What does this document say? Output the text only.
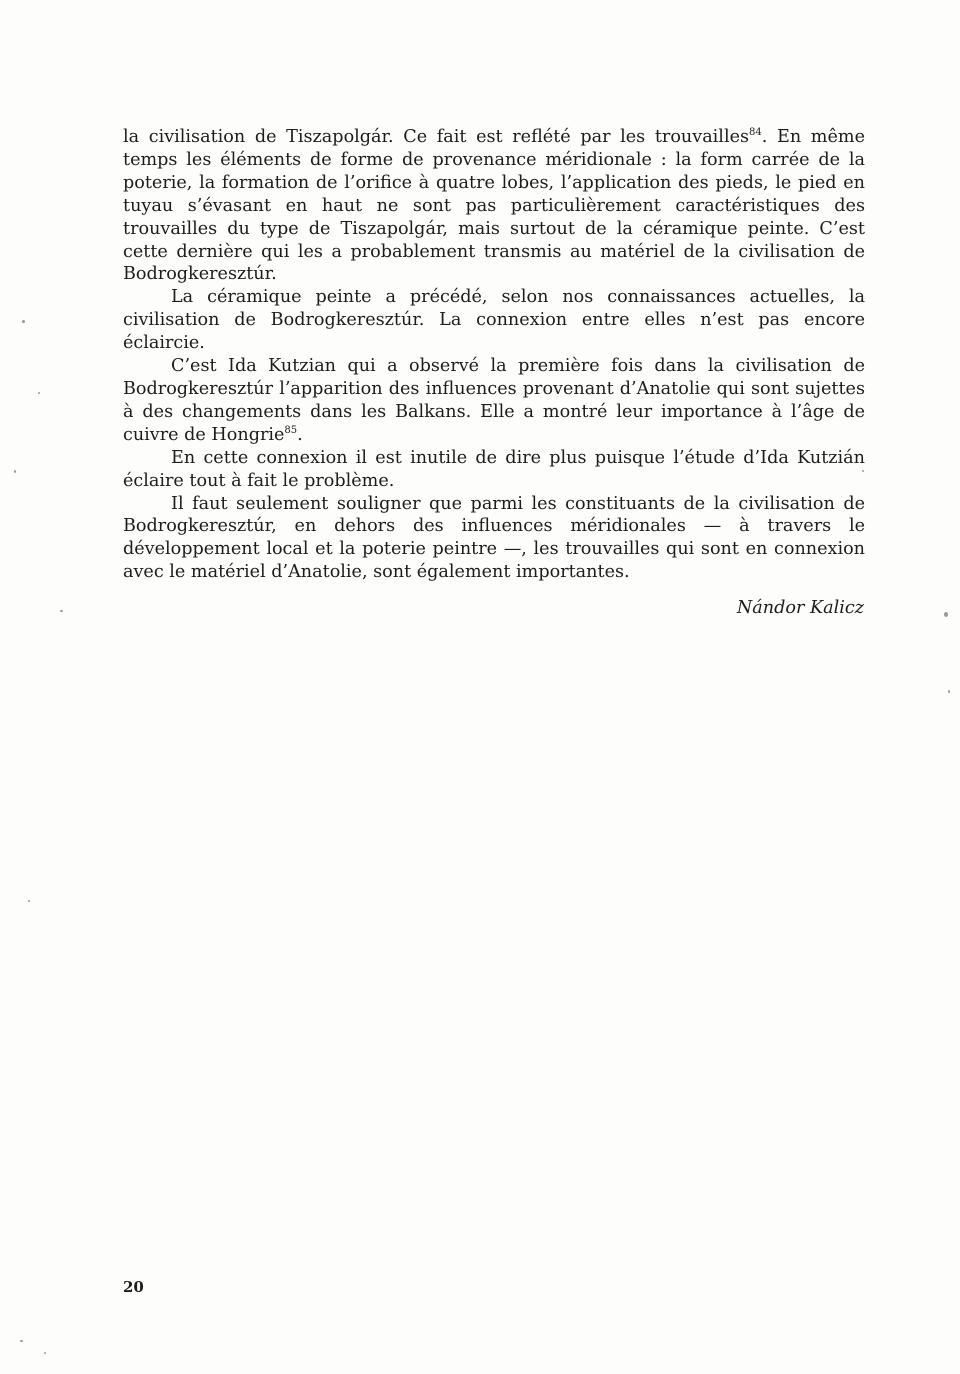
la civilisation de Tiszapolgár. Ce fait est reflété par les trouvailles$^{84}$. En même temps les éléments de forme de provenance méridionale : la form carrée de la poterie, la formation de l’orifice à quatre lobes, l’application des pieds, le pied en tuyau s’évasant en haut ne sont pas particulièrement caractéristiques des trouvailles du type de Tiszapolgár, mais surtout de la céramique peinte. C’est cette dernière qui les a probablement transmis au matériel de la civilisation de Bodrogkeresztúr.

La céramique peinte a précédé, selon nos connaissances actuelles, la civilisation de Bodrogkeresztúr. La connexion entre elles n’est pas encore éclaircie.

C’est Ida Kutzian qui a observé la première fois dans la civilisation de Bodrogkeresztúr l’apparition des influences provenant d’Anatolie qui sont sujettes à des changements dans les Balkans. Elle a montré leur importance à l’âge de cuivre de Hongrie$^{85}$.

En cette connexion il est inutile de dire plus puisque l’étude d’Ida Kutzián éclaire tout à fait le problème.

Il faut seulement souligner que parmi les constituants de la civilisation de Bodrogkeresztúr, en dehors des influences méridionales — à travers le développement local et la poterie peintre —, les trouvailles qui sont en connexion avec le matériel d’Anatolie, sont également importantes.

Nándor Kalicz
20
